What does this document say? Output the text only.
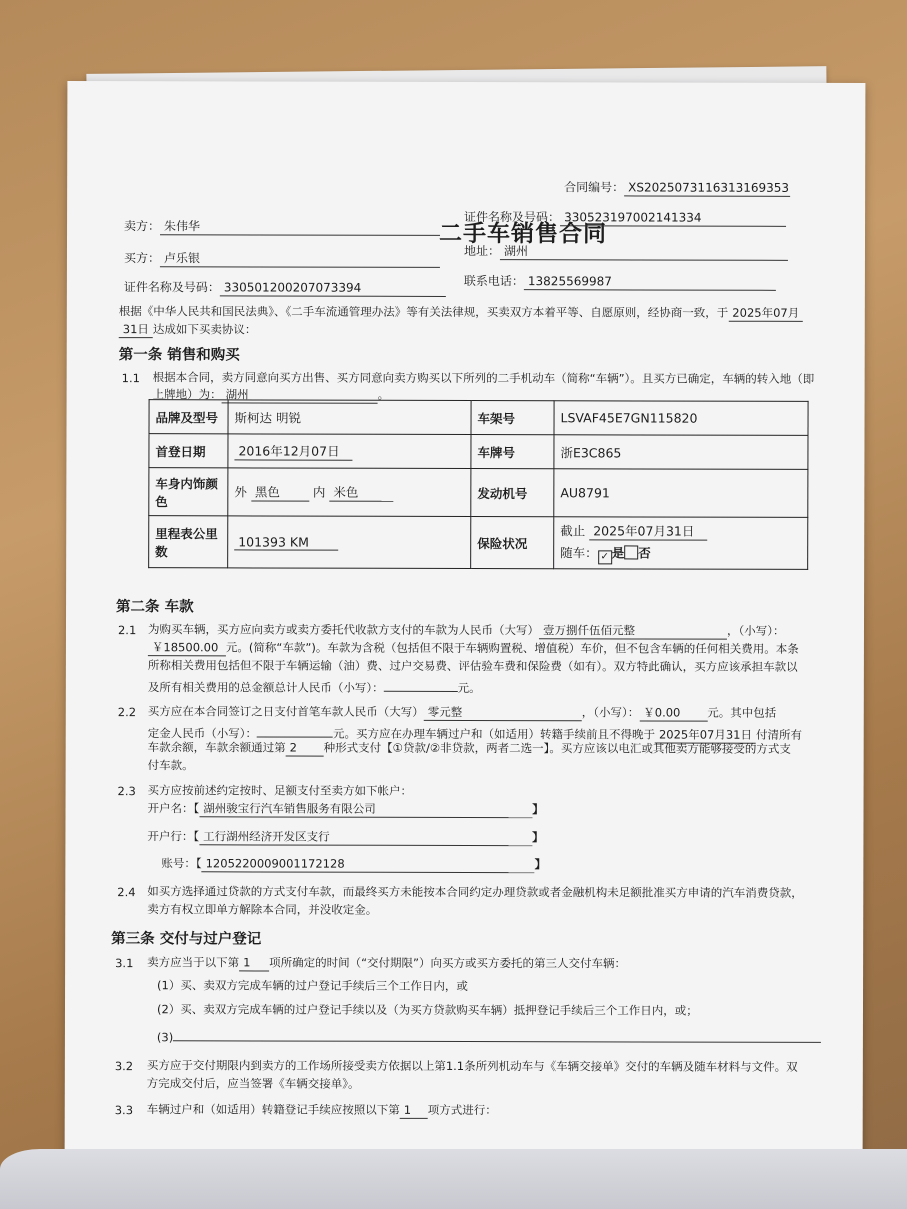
二手车销售合同
合同编号： XS2025073116313169353
卖方： 朱伟华
证件名称及号码： 330523197002141334
买方： 卢乐银
地址： 湖州
证件名称及号码： 330501200207073394	联系电话： 13825569987
根据《中华人民共和国民法典》、《二手车流通管理办法》等有关法律规，买卖双方本着平等、自愿原则，经协商一致，于 2025年07月
31日 达成如下买卖协议：
第一条 销售和购买
1.1 根据本合同，卖方同意向买方出售、买方同意向卖方购买以下所列的二手机动车（简称“车辆”）。且买方已确定，车辆的转入地（即
上牌地）为： 湖州	。
品牌及型号	斯柯达 明锐	车架号	LSVAF45E7GN115820
首登日期	2016年12月07日	车牌号	浙E3C865
车身内饰颜色	外 黑色 内 米色	发动机号	AU8791
里程表公里数	101393 KM	保险状况	截止 2025年07月31日
随车： ✓ 是 否
第二条 车款
2.1 为购买车辆，买方应向卖方或卖方委托代收款方支付的车款为人民币（大写） 壹万捌仟伍佰元整	，（小写）：
￥18500.00 元。(简称“车款”)。车款为含税（包括但不限于车辆购置税、增值税）车价，但不包含车辆的任何相关费用。本条
所称相关费用包括但不限于车辆运输（油）费、过户交易费、评估验车费和保险费（如有）。双方特此确认，买方应该承担车款以
及所有相关费用的总金额总计人民币（小写）：	元。
2.2 买方应在本合同签订之日支付首笔车款人民币（大写） 零元整	，（小写）： ￥0.00 元。其中包括
定金人民币（小写）：	元。买方应在办理车辆过户和（如适用）转籍手续前且不得晚于 2025年07月31日 付清所有
车款余额，车款余额通过第 2 种形式支付【①贷款/②非贷款，两者二选一】。买方应该以电汇或其他卖方能够接受的方式支
付车款。
2.3 买方应按前述约定按时、足额支付至卖方如下帐户：
开户名：【 湖州骏宝行汽车销售服务有限公司	】
开户行：【 工行湖州经济开发区支行	】
账号：【 1205220009001172128	】
2.4 如买方选择通过贷款的方式支付车款，而最终买方未能按本合同约定办理贷款或者金融机构未足额批准买方申请的汽车消费贷款，
卖方有权立即单方解除本合同，并没收定金。
第三条 交付与过户登记
3.1 卖方应当于以下第 1 项所确定的时间（“交付期限”）向买方或买方委托的第三人交付车辆：
(1）买、卖双方完成车辆的过户登记手续后三个工作日内，或
(2）买、卖双方完成车辆的过户登记手续以及（为买方贷款购买车辆）抵押登记手续后三个工作日内，或；
(3)
3.2 买方应于交付期限内到卖方的工作场所接受卖方依据以上第1.1条所列机动车与《车辆交接单》交付的车辆及随车材料与文件。双
方完成交付后，应当签署《车辆交接单》。
3.3 车辆过户和（如适用）转籍登记手续应按照以下第 1 项方式进行：
